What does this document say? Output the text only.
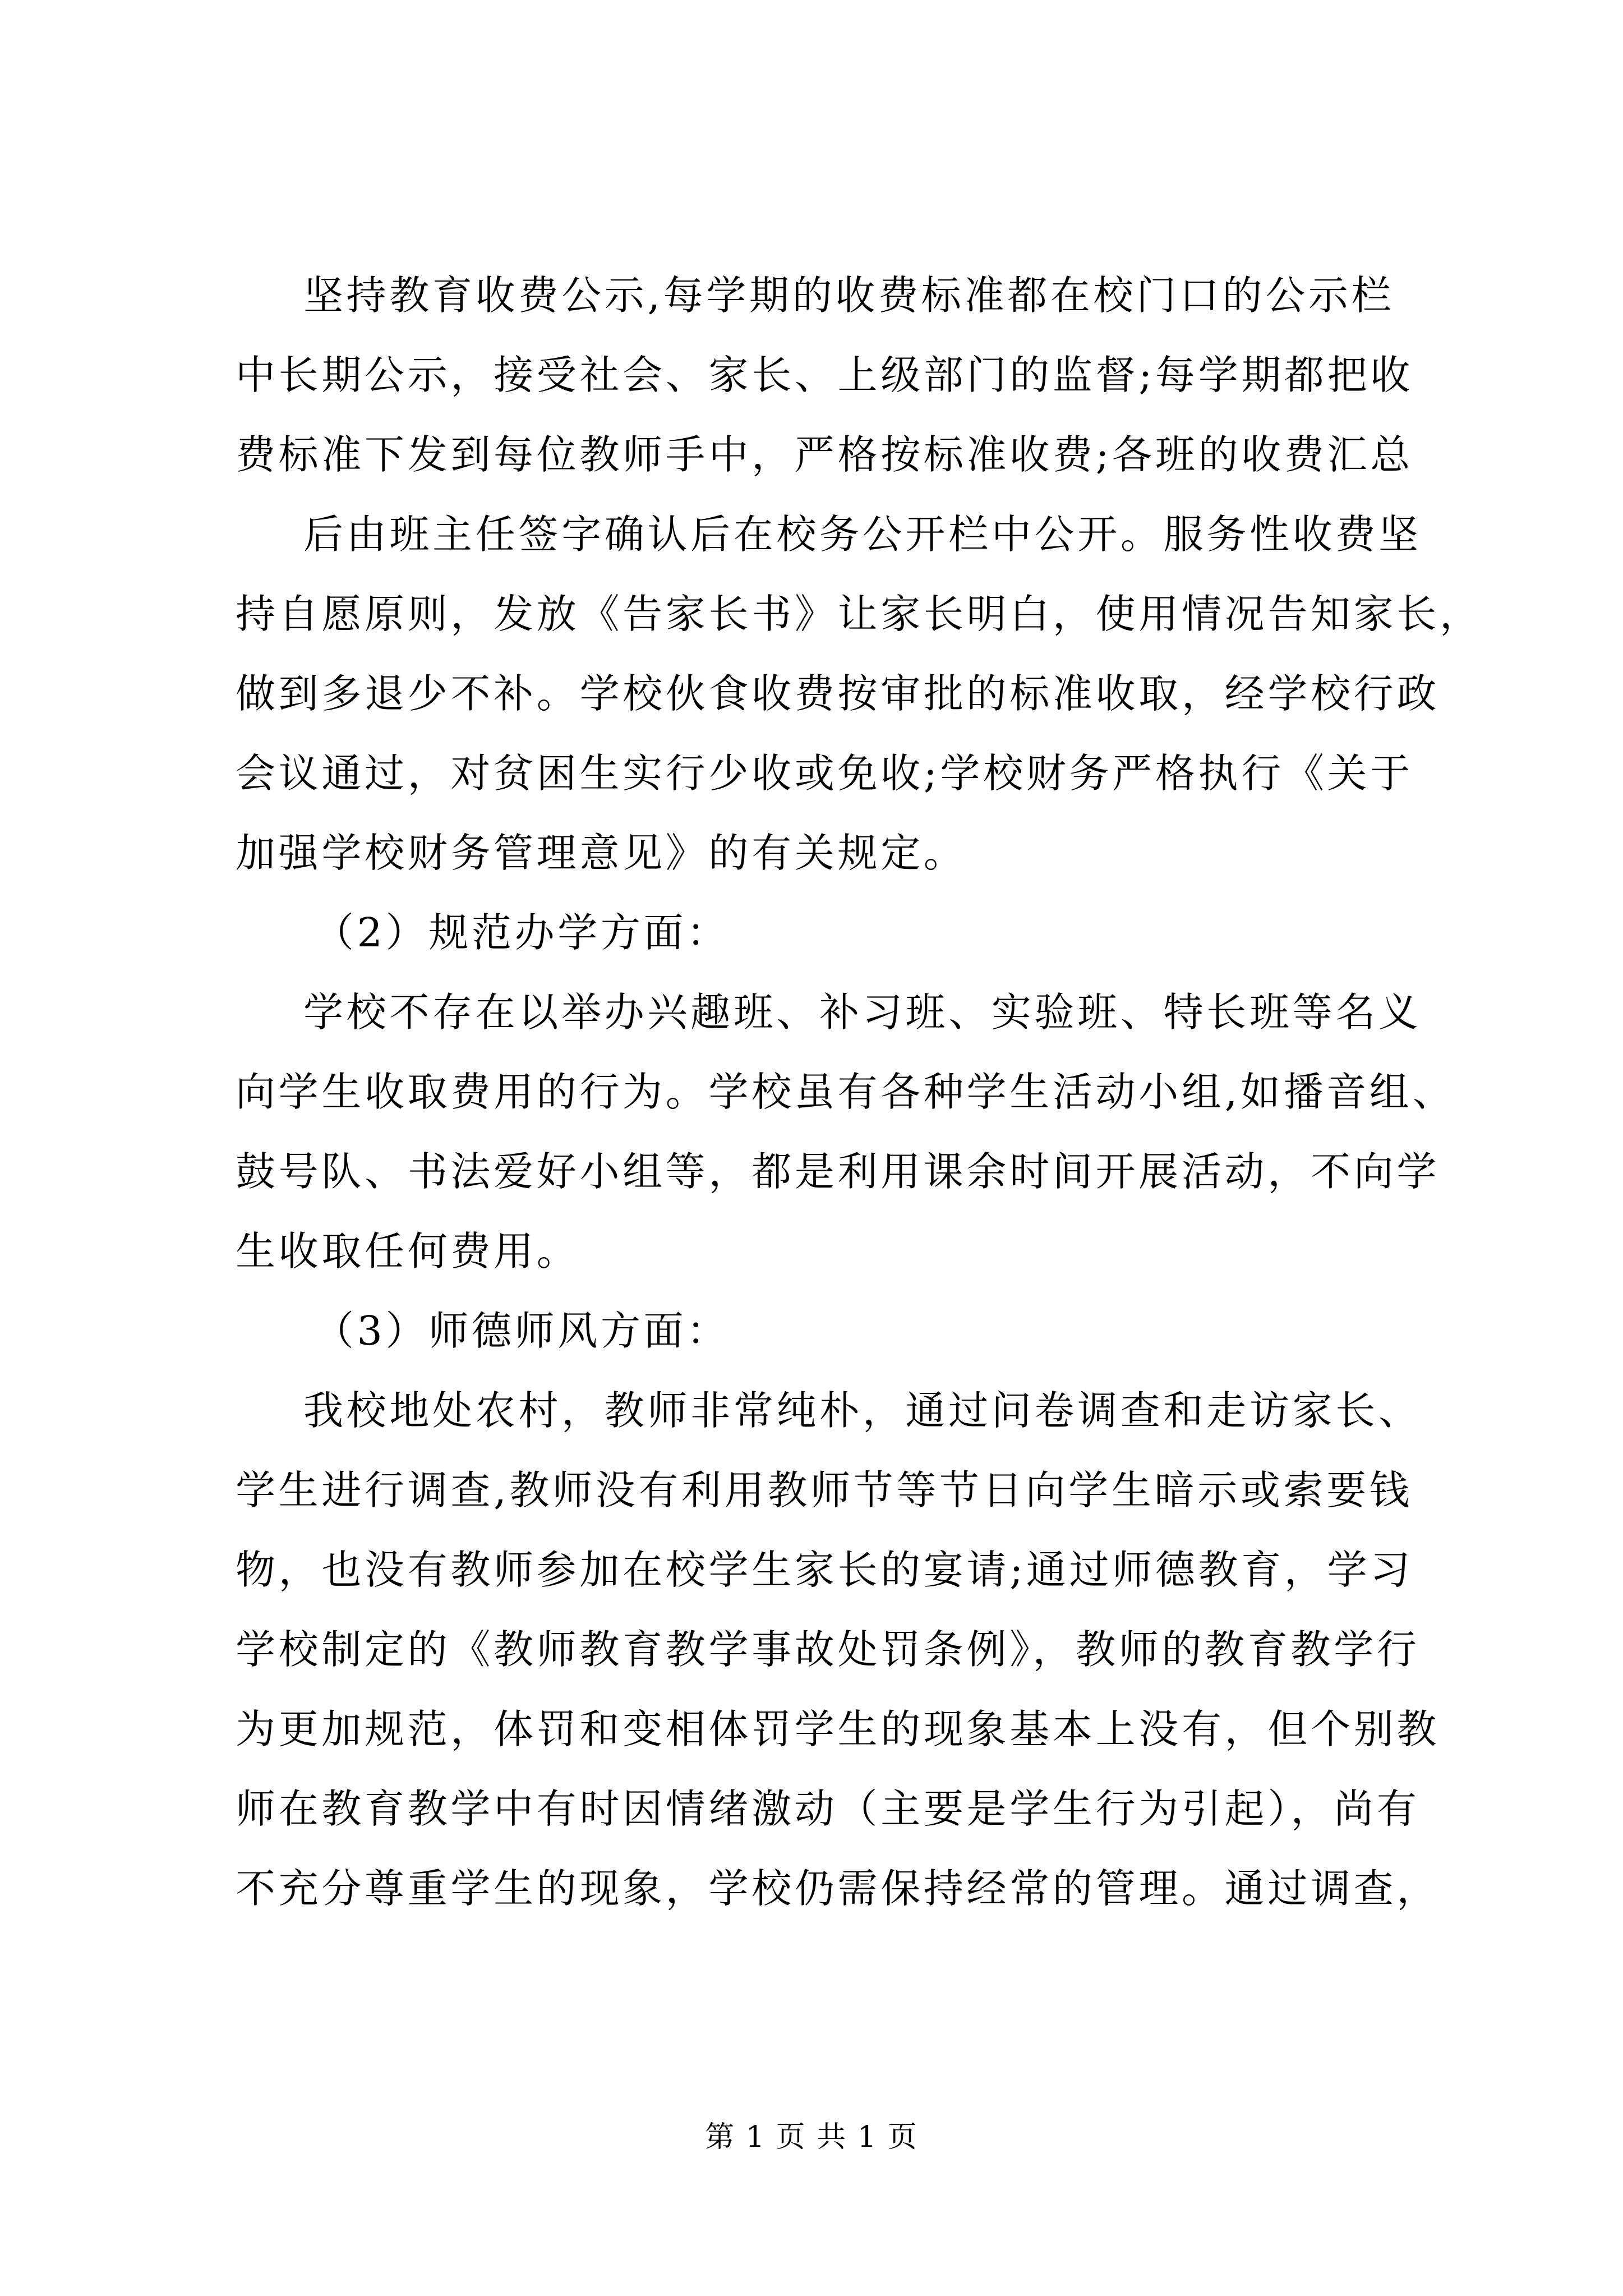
坚持教育收费公示,每学期的收费标准都在校门口的公示栏
中长期公示，接受社会、家长、上级部门的监督;每学期都把收
费标准下发到每位教师手中，严格按标准收费;各班的收费汇总
后由班主任签字确认后在校务公开栏中公开。服务性收费坚
持自愿原则，发放《告家长书》让家长明白，使用情况告知家长，
做到多退少不补。学校伙食收费按审批的标准收取，经学校行政
会议通过，对贫困生实行少收或免收;学校财务严格执行《关于
加强学校财务管理意见》的有关规定。
（2）规范办学方面：
学校不存在以举办兴趣班、补习班、实验班、特长班等名义
向学生收取费用的行为。学校虽有各种学生活动小组,如播音组、
鼓号队、书法爱好小组等，都是利用课余时间开展活动，不向学
生收取任何费用。
（3）师德师风方面：
我校地处农村，教师非常纯朴，通过问卷调查和走访家长、
学生进行调查,教师没有利用教师节等节日向学生暗示或索要钱
物，也没有教师参加在校学生家长的宴请;通过师德教育，学习
学校制定的《教师教育教学事故处罚条例》，教师的教育教学行
为更加规范，体罚和变相体罚学生的现象基本上没有，但个别教
师在教育教学中有时因情绪激动（主要是学生行为引起），尚有
不充分尊重学生的现象，学校仍需保持经常的管理。通过调查，
第 1 页 共 1 页
